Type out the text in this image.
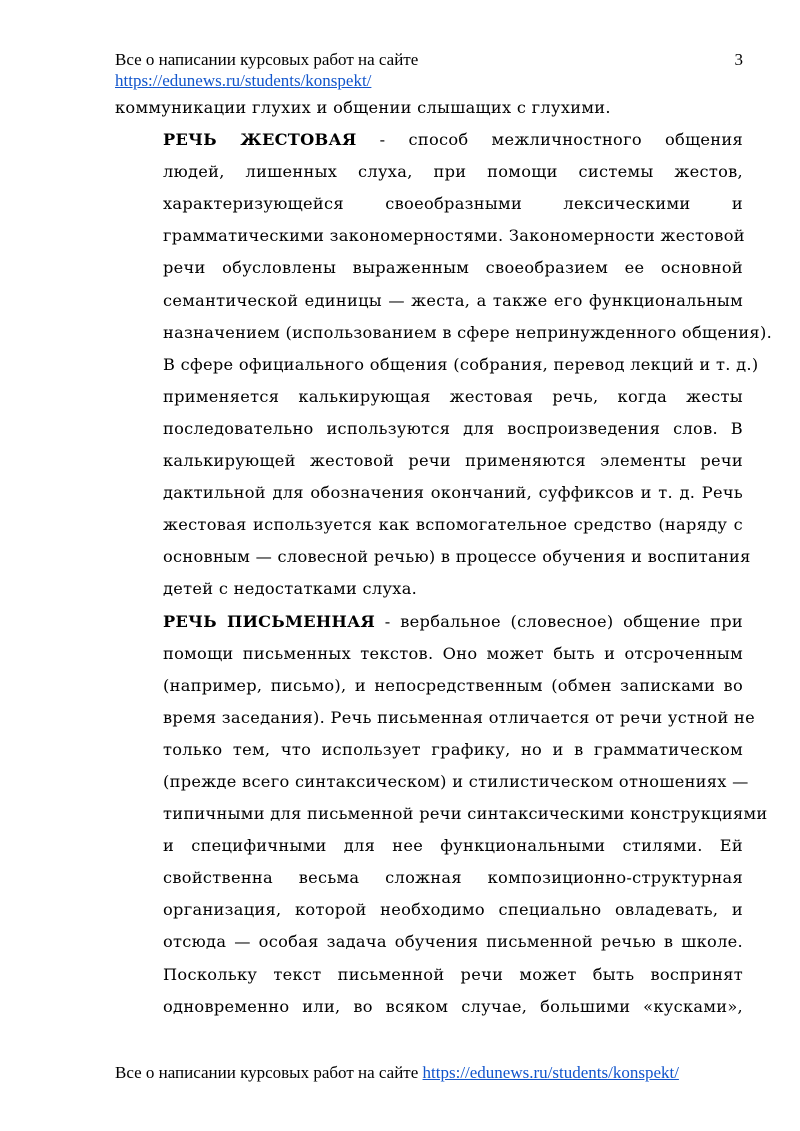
Все о написании курсовых работ на сайте	3
https://edunews.ru/students/konspekt/

коммуникации глухих и общении слышащих с глухими.

РЕЧЬ ЖЕСТОВАЯ - способ межличностного общения
людей, лишенных слуха, при помощи системы жестов,
характеризующейся своеобразными лексическими и
грамматическими закономерностями. Закономерности жестовой
речи обусловлены выраженным своеобразием ее основной
семантической единицы — жеста, а также его функциональным
назначением (использованием в сфере непринужденного общения).
В сфере официального общения (собрания, перевод лекций и т. д.)
применяется калькирующая жестовая речь, когда жесты
последовательно используются для воспроизведения слов. В
калькирующей жестовой речи применяются элементы речи
дактильной для обозначения окончаний, суффиксов и т. д. Речь
жестовая используется как вспомогательное средство (наряду с
основным — словесной речью) в процессе обучения и воспитания
детей с недостатками слуха.

РЕЧЬ ПИСЬМЕННАЯ - вербальное (словесное) общение при
помощи письменных текстов. Оно может быть и отсроченным
(например, письмо), и непосредственным (обмен записками во
время заседания). Речь письменная отличается от речи устной не
только тем, что использует графику, но и в грамматическом
(прежде всего синтаксическом) и стилистическом отношениях —
типичными для письменной речи синтаксическими конструкциями
и специфичными для нее функциональными стилями. Ей
свойственна весьма сложная композиционно-структурная
организация, которой необходимо специально овладевать, и
отсюда — особая задача обучения письменной речью в школе.
Поскольку текст письменной речи может быть воспринят
одновременно или, во всяком случае, большими «кусками»,

Все о написании курсовых работ на сайте https://edunews.ru/students/konspekt/
